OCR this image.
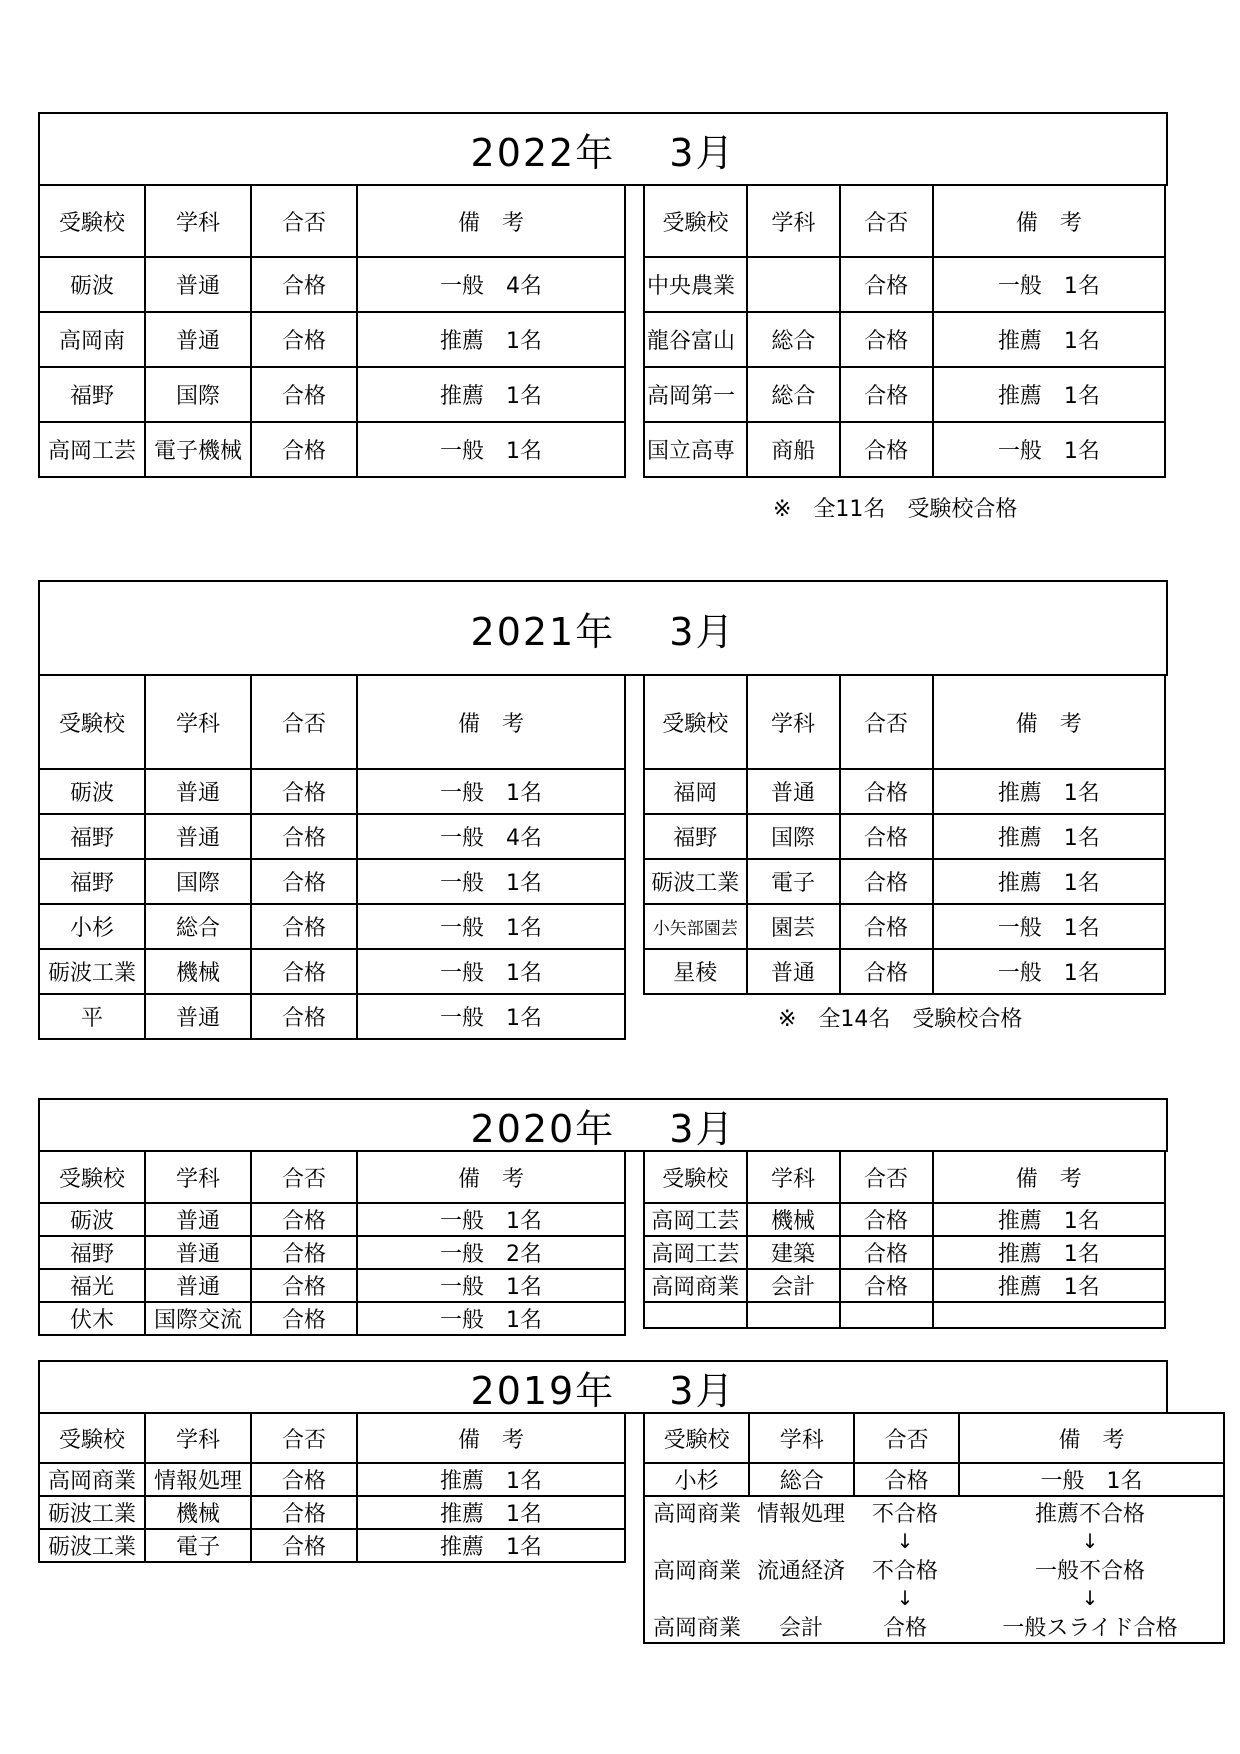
2022年　 3月
受験校	学科	合否	備　考
砺波	普通	合格	一般　4名
高岡南	普通	合格	推薦　1名
福野	国際	合格	推薦　1名
高岡工芸	電子機械	合格	一般　1名
受験校	学科	合否	備　考
中央農業		合格	一般　1名
龍谷富山	総合	合格	推薦　1名
高岡第一	総合	合格	推薦　1名
国立高専	商船	合格	一般　1名
※　全11名　受験校合格
2021年　 3月
受験校	学科	合否	備　考
砺波	普通	合格	一般　1名
福野	普通	合格	一般　4名
福野	国際	合格	一般　1名
小杉	総合	合格	一般　1名
砺波工業	機械	合格	一般　1名
平	普通	合格	一般　1名
受験校	学科	合否	備　考
福岡	普通	合格	推薦　1名
福野	国際	合格	推薦　1名
砺波工業	電子	合格	推薦　1名
小矢部園芸	園芸	合格	一般　1名
星稜	普通	合格	一般　1名
※　全14名　受験校合格
2020年　 3月
受験校	学科	合否	備　考
砺波	普通	合格	一般　1名
福野	普通	合格	一般　2名
福光	普通	合格	一般　1名
伏木	国際交流	合格	一般　1名
受験校	学科	合否	備　考
高岡工芸	機械	合格	推薦　1名
高岡工芸	建築	合格	推薦　1名
高岡商業	会計	合格	推薦　1名

2019年　 3月
受験校	学科	合否	備　考
高岡商業	情報処理	合格	推薦　1名
砺波工業	機械	合格	推薦　1名
砺波工業	電子	合格	推薦　1名
受験校	学科	合否	備　考
小杉	総合	合格	一般　1名

高岡商業	情報処理	不合格	推薦不合格
		↓	↓
高岡商業	流通経済	不合格	一般不合格
		↓	↓
高岡商業	会計	合格	一般スライド合格
